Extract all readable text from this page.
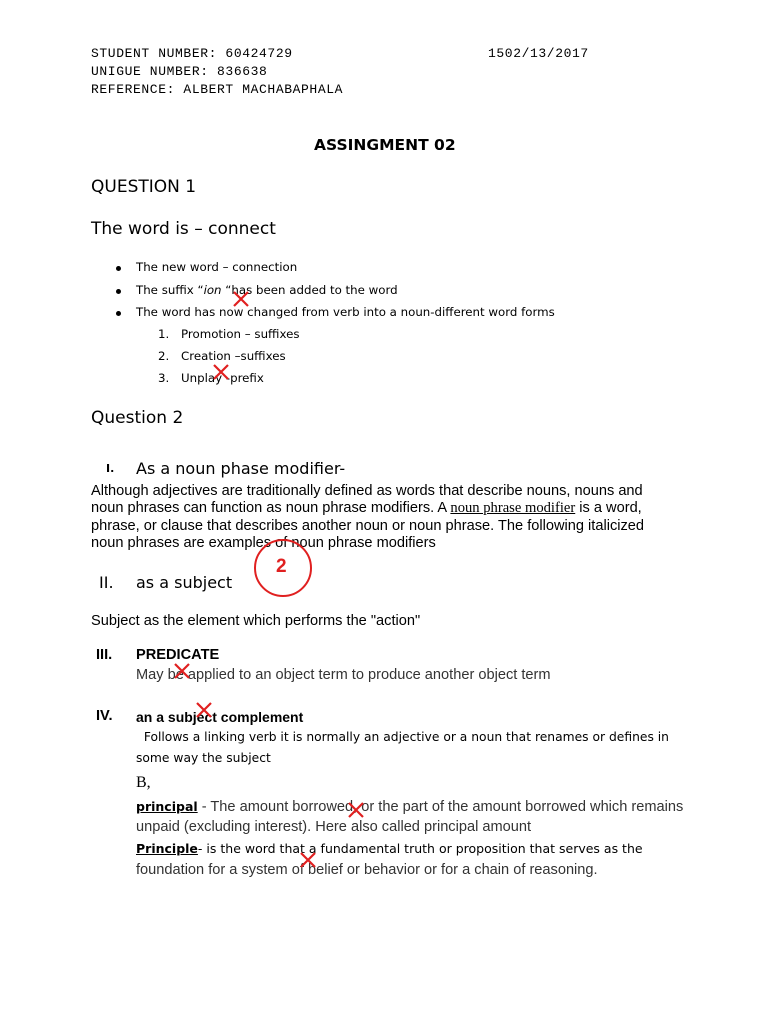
STUDENT NUMBER: 60424729	1502/13/2017
UNIGUE NUMBER: 836638
REFERENCE: ALBERT MACHABAPHALA
ASSINGMENT 02
QUESTION 1
The word is – connect
The new word – connection
The suffix “ion “has been added to the word
The word has now changed from verb into a noun-different word forms
1. Promotion – suffixes
2. Creation –suffixes
3. Unplay -prefix
Question 2
I. As a noun phase modifier-
Although adjectives are traditionally defined as words that describe nouns, nouns and
noun phrases can function as noun phrase modifiers. A noun phrase modifier is a word,
phrase, or clause that describes another noun or noun phrase. The following italicized
noun phrases are examples of noun phrase modifiers
II. as a subject
Subject as the element which performs the "action"
III. PREDICATE
May be applied to an object term to produce another object term
IV. an a subject complement
Follows a linking verb it is normally an adjective or a noun that renames or defines in
some way the subject
B,
principal - The amount borrowed, or the part of the amount borrowed which remains
unpaid (excluding interest). Here also called principal amount
Principle- is the word that a fundamental truth or proposition that serves as the
foundation for a system of belief or behavior or for a chain of reasoning.
2
